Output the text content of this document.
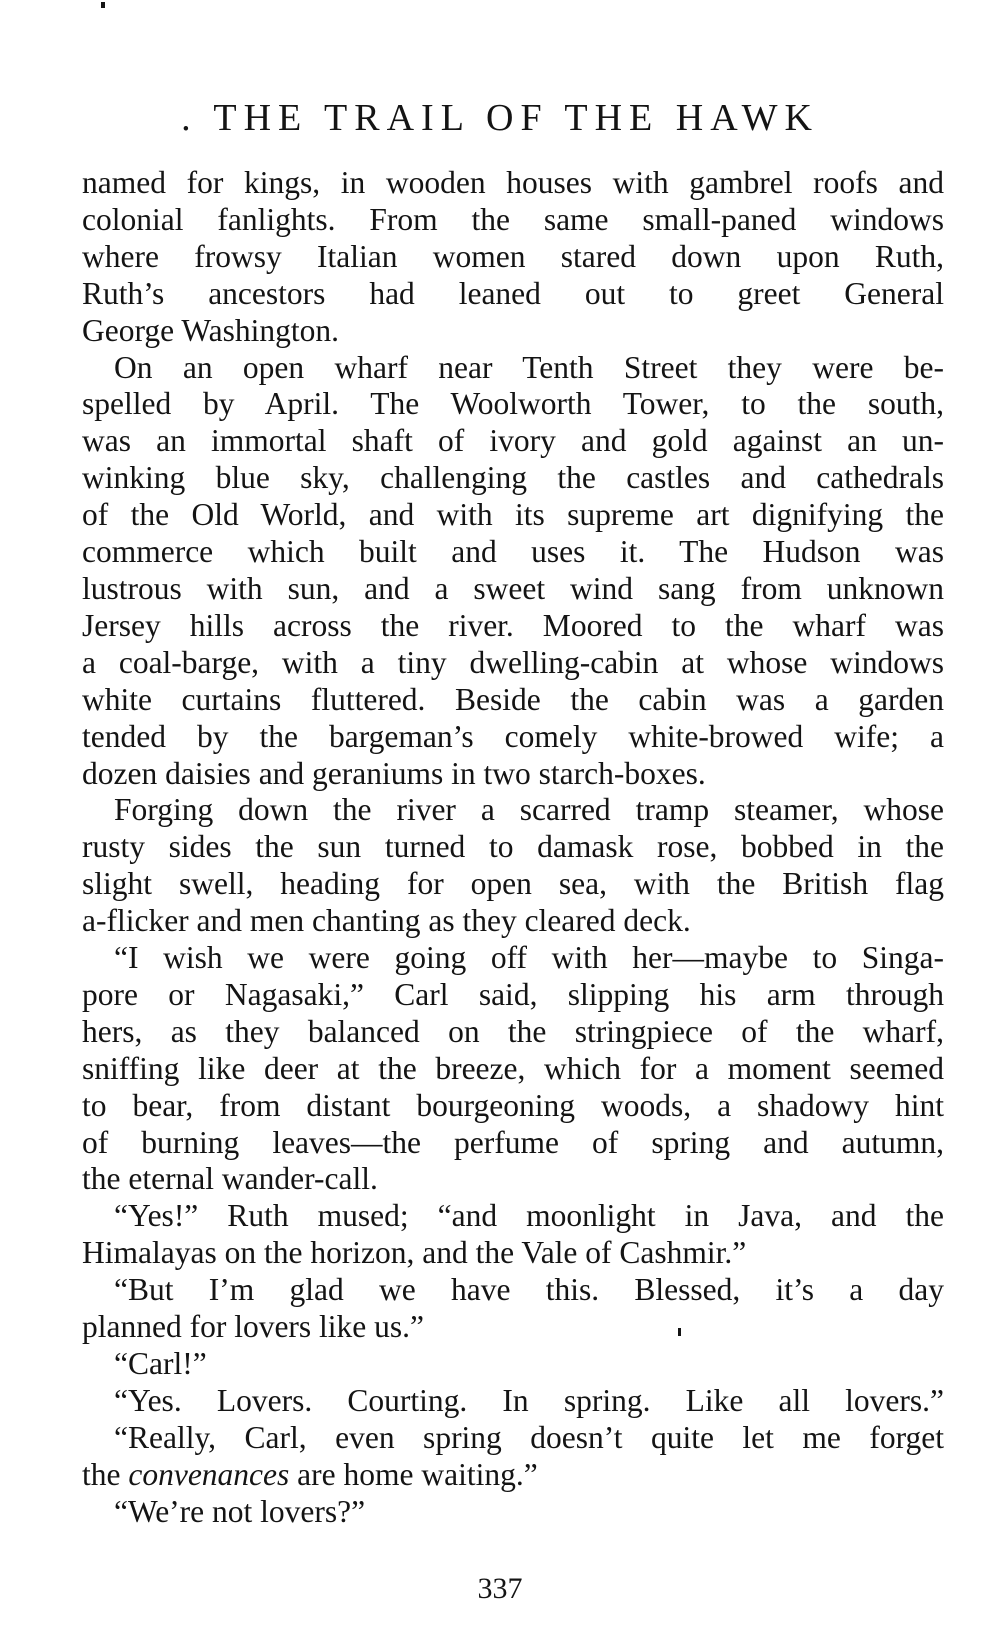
. THE TRAIL OF THE HAWK
named for kings, in wooden houses with gambrel roofs and
colonial fanlights. From the same small-paned windows
where frowsy Italian women stared down upon Ruth,
Ruth’s ancestors had leaned out to greet General
George Washington.
On an open wharf near Tenth Street they were be-
spelled by April. The Woolworth Tower, to the south,
was an immortal shaft of ivory and gold against an un-
winking blue sky, challenging the castles and cathedrals
of the Old World, and with its supreme art dignifying the
commerce which built and uses it. The Hudson was
lustrous with sun, and a sweet wind sang from unknown
Jersey hills across the river. Moored to the wharf was
a coal-barge, with a tiny dwelling-cabin at whose windows
white curtains fluttered. Beside the cabin was a garden
tended by the bargeman’s comely white-browed wife; a
dozen daisies and geraniums in two starch-boxes.
Forging down the river a scarred tramp steamer, whose
rusty sides the sun turned to damask rose, bobbed in the
slight swell, heading for open sea, with the British flag
a-flicker and men chanting as they cleared deck.
“I wish we were going off with her—maybe to Singa-
pore or Nagasaki,” Carl said, slipping his arm through
hers, as they balanced on the stringpiece of the wharf,
sniffing like deer at the breeze, which for a moment seemed
to bear, from distant bourgeoning woods, a shadowy hint
of burning leaves—the perfume of spring and autumn,
the eternal wander-call.
“Yes!” Ruth mused; “and moonlight in Java, and the
Himalayas on the horizon, and the Vale of Cashmir.”
“But I’m glad we have this. Blessed, it’s a day
planned for lovers like us.”
“Carl!”
“Yes. Lovers. Courting. In spring. Like all lovers.”
“Really, Carl, even spring doesn’t quite let me forget
the convenances are home waiting.”
“We’re not lovers?”
337
